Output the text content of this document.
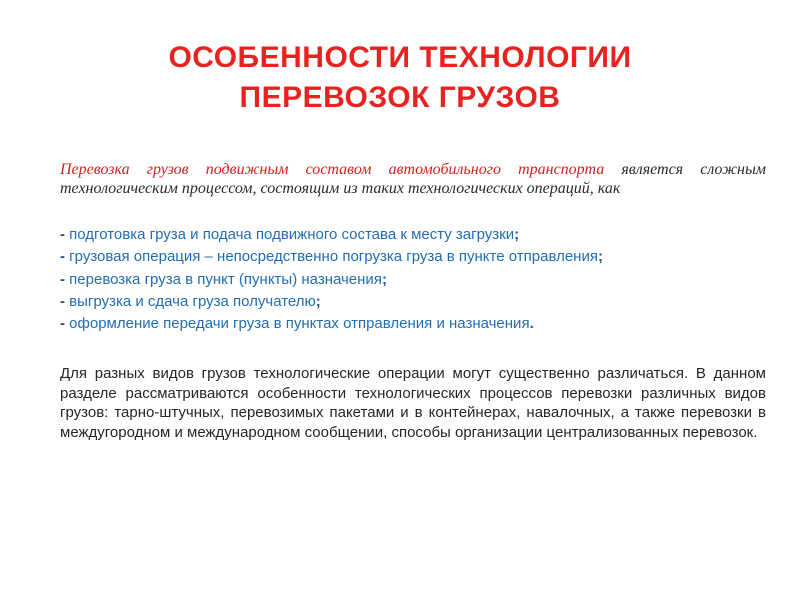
ОСОБЕННОСТИ ТЕХНОЛОГИИ
ПЕРЕВОЗОК ГРУЗОВ

Перевозка грузов подвижным составом автомобильного транспорта является сложным технологическим процессом, состоящим из таких технологических операций, как

- подготовка груза и подача подвижного состава к месту загрузки;
- грузовая операция – непосредственно погрузка груза в пункте отправления;
- перевозка груза в пункт (пункты) назначения;
- выгрузка и сдача груза получателю;
- оформление передачи груза в пунктах отправления и назначения.

Для разных видов грузов технологические операции могут существенно различаться. В данном разделе рассматриваются особенности технологических процессов перевозки различных видов грузов: тарно-штучных, перевозимых пакетами и в контейнерах, навалочных, а также перевозки в междугородном и международном сообщении, способы организации централизованных перевозок.
